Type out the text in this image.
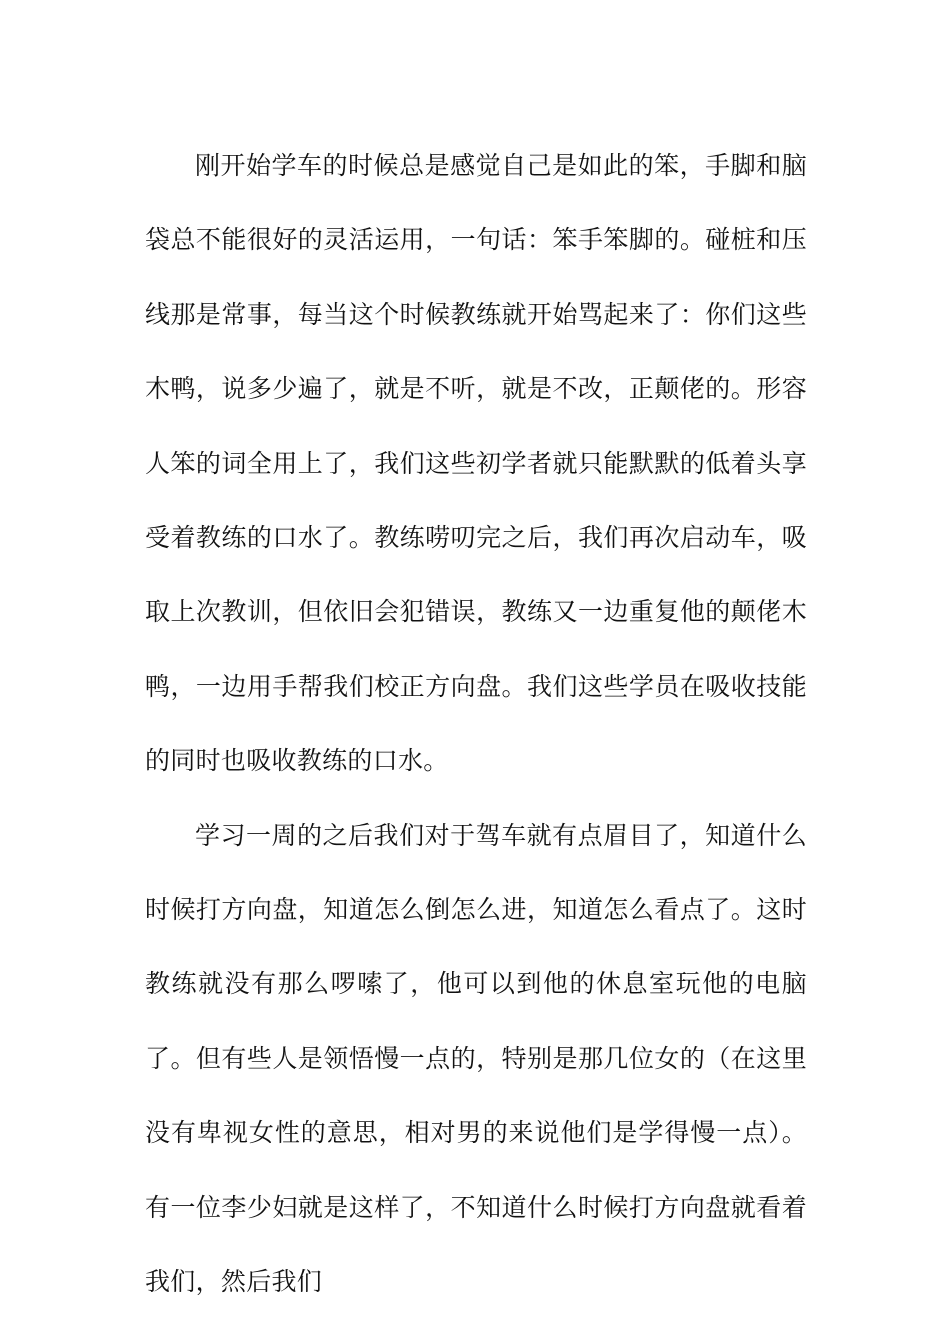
刚开始学车的时候总是感觉自己是如此的笨，手脚和脑袋总不能很好的灵活运用，一句话：笨手笨脚的。碰桩和压线那是常事，每当这个时候教练就开始骂起来了：你们这些木鸭，说多少遍了，就是不听，就是不改，正颠佬的。形容人笨的词全用上了，我们这些初学者就只能默默的低着头享受着教练的口水了。教练唠叨完之后，我们再次启动车，吸取上次教训，但依旧会犯错误，教练又一边重复他的颠佬木鸭，一边用手帮我们校正方向盘。我们这些学员在吸收技能的同时也吸收教练的口水。

学习一周的之后我们对于驾车就有点眉目了，知道什么时候打方向盘，知道怎么倒怎么进，知道怎么看点了。这时教练就没有那么啰嗦了，他可以到他的休息室玩他的电脑了。但有些人是领悟慢一点的，特别是那几位女的（在这里没有卑视女性的意思，相对男的来说他们是学得慢一点）。有一位李少妇就是这样了，不知道什么时候打方向盘就看着我们，然后我们
